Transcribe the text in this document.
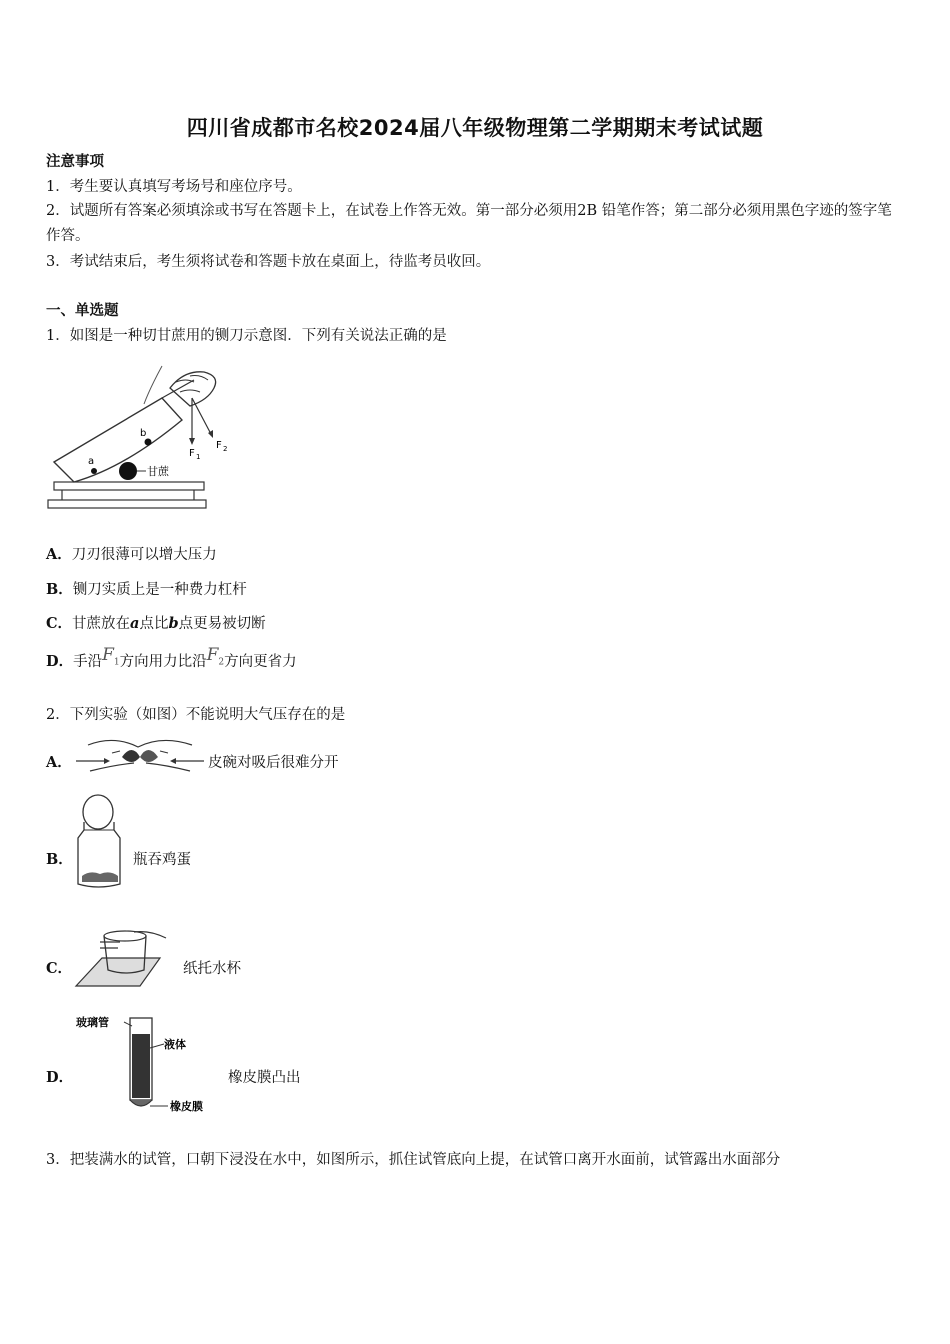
四川省成都市名校2024届八年级物理第二学期期末考试试题
注意事项
1．考生要认真填写考场号和座位序号。
2．试题所有答案必须填涂或书写在答题卡上，在试卷上作答无效。第一部分必须用2B 铅笔作答；第二部分必须用黑色字迹的签字笔作答。
3．考试结束后，考生须将试卷和答题卡放在桌面上，待监考员收回。
一、单选题
1．如图是一种切甘蔗用的铡刀示意图．下列有关说法正确的是
F 1
F 2
a
b
甘蔗
A．刀刃很薄可以增大压力
B．铡刀实质上是一种费力杠杆
C．甘蔗放在a点比b点更易被切断
D．手沿$F_1$方向用力比沿$F_2$方向更省力
2．下列实验（如图）不能说明大气压存在的是
A．	皮碗对吸后很难分开
B．	瓶吞鸡蛋
C．	纸托水杯
D．
玻璃管
液体
橡皮膜
橡皮膜凸出
3．把装满水的试管，口朝下浸没在水中，如图所示，抓住试管底向上提，在试管口离开水面前，试管露出水面部分
